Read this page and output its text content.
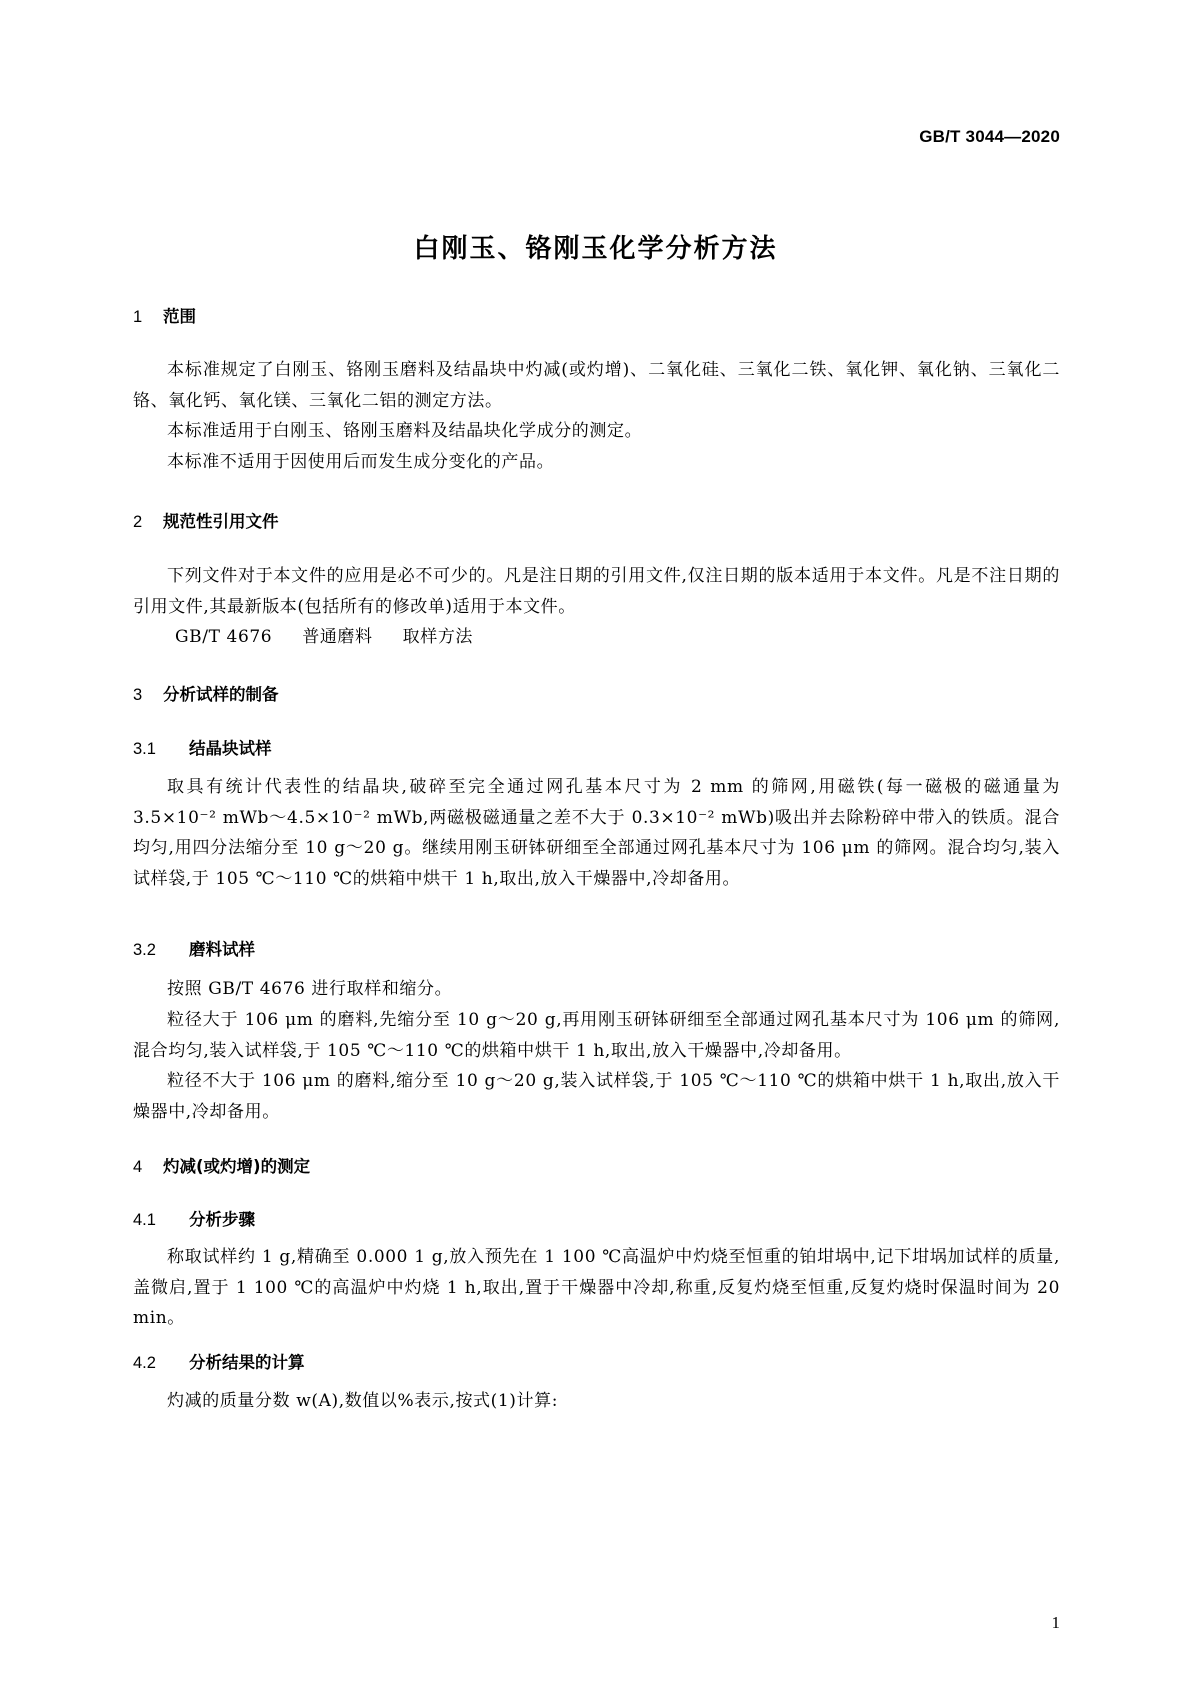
GB/T 3044—2020
白刚玉、铬刚玉化学分析方法
1 范围
本标准规定了白刚玉、铬刚玉磨料及结晶块中灼减(或灼增)、二氧化硅、三氧化二铁、氧化钾、氧化钠、三氧化二铬、氧化钙、氧化镁、三氧化二铝的测定方法。
本标准适用于白刚玉、铬刚玉磨料及结晶块化学成分的测定。
本标准不适用于因使用后而发生成分变化的产品。
2 规范性引用文件
下列文件对于本文件的应用是必不可少的。凡是注日期的引用文件,仅注日期的版本适用于本文件。凡是不注日期的引用文件,其最新版本(包括所有的修改单)适用于本文件。
GB/T 4676 普通磨料 取样方法
3 分析试样的制备
3.1 结晶块试样
取具有统计代表性的结晶块,破碎至完全通过网孔基本尺寸为 2 mm 的筛网,用磁铁(每一磁极的磁通量为 3.5×10⁻² mWb～4.5×10⁻² mWb,两磁极磁通量之差不大于 0.3×10⁻² mWb)吸出并去除粉碎中带入的铁质。混合均匀,用四分法缩分至 10 g～20 g。继续用刚玉研钵研细至全部通过网孔基本尺寸为 106 μm 的筛网。混合均匀,装入试样袋,于 105 ℃～110 ℃的烘箱中烘干 1 h,取出,放入干燥器中,冷却备用。
3.2 磨料试样
按照 GB/T 4676 进行取样和缩分。
粒径大于 106 μm 的磨料,先缩分至 10 g～20 g,再用刚玉研钵研细至全部通过网孔基本尺寸为 106 μm 的筛网,混合均匀,装入试样袋,于 105 ℃～110 ℃的烘箱中烘干 1 h,取出,放入干燥器中,冷却备用。
粒径不大于 106 μm 的磨料,缩分至 10 g～20 g,装入试样袋,于 105 ℃～110 ℃的烘箱中烘干 1 h,取出,放入干燥器中,冷却备用。
4 灼减(或灼增)的测定
4.1 分析步骤
称取试样约 1 g,精确至 0.000 1 g,放入预先在 1 100 ℃高温炉中灼烧至恒重的铂坩埚中,记下坩埚加试样的质量,盖微启,置于 1 100 ℃的高温炉中灼烧 1 h,取出,置于干燥器中冷却,称重,反复灼烧至恒重,反复灼烧时保温时间为 20 min。
4.2 分析结果的计算
灼减的质量分数 w(A),数值以%表示,按式(1)计算:
1
